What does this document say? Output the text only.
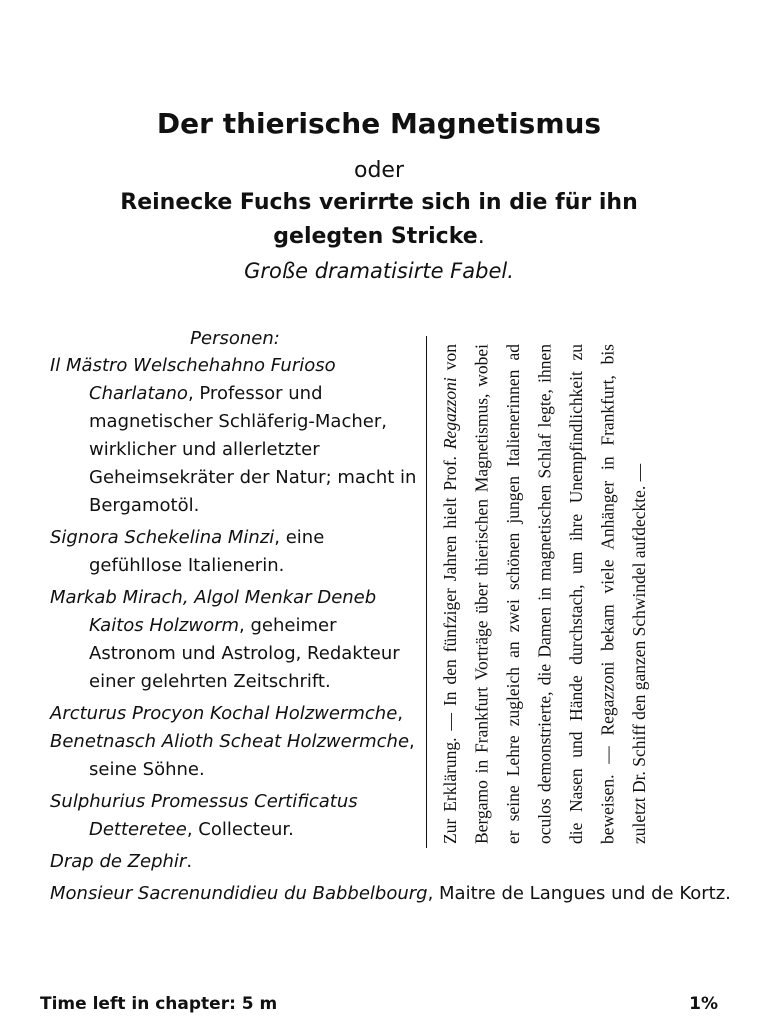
Der thierische Magnetismus
oder
Reinecke Fuchs verirrte sich in die für ihn gelegten Stricke.
Große dramatisirte Fabel.
Personen:
Il Mästro Welschehahno Furioso Charlatano, Professor und magnetischer Schläferig-Macher, wirklicher und allerletzter Geheimsekräter der Natur; macht in Bergamotöl.
Signora Schekelina Minzi, eine gefühllose Italienerin.
Markab Mirach, Algol Menkar Deneb Kaitos Holzworm, geheimer Astronom und Astrolog, Redakteur einer gelehrten Zeitschrift.
Arcturus Procyon Kochal Holzwermche,
Benetnasch Alioth Scheat Holzwermche, seine Söhne.
Sulphurius Promessus Certificatus Detteretee, Collecteur.
Drap de Zephir.
Monsieur Sacrenundidieu du Babbelbourg, Maitre de Langues und de Kortz.
Zur Erklärung. — In den fünfziger Jahren hielt Prof. Regazzoni von Bergamo in Frankfurt Vorträge über thierischen Magnetismus, wobei er seine Lehre zugleich an zwei schönen jungen Italienerinnen ad oculos demonstrierte, die Damen in magnetischen Schlaf legte, ihnen die Nasen und Hände durchstach, um ihre Unempfindlichkeit zu beweisen. — Regazzoni bekam viele Anhänger in Frankfurt, bis zuletzt Dr. Schiff den ganzen Schwindel aufdeckte. —
Time left in chapter: 5 m	1%
